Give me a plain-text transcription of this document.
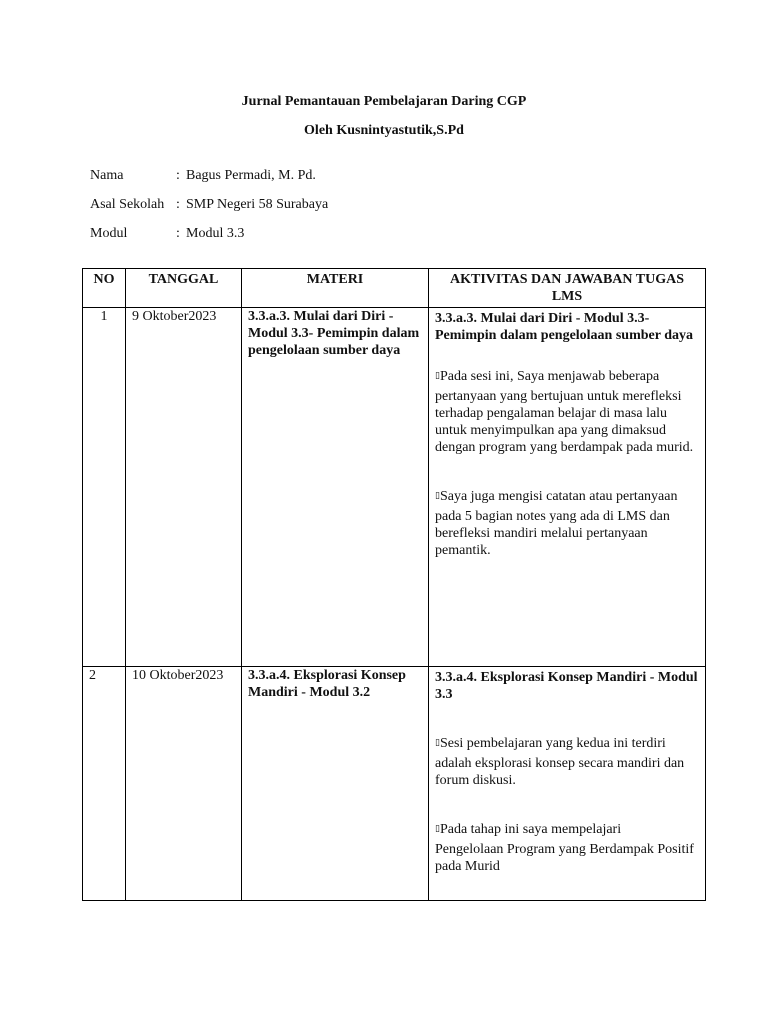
Jurnal Pemantauan Pembelajaran Daring CGP
Oleh Kusnintyastutik,S.Pd
Nama	: Bagus Permadi, M. Pd.
Asal Sekolah : SMP Negeri 58 Surabaya
Modul	: Modul 3.3
NO	TANGGAL	MATERI	AKTIVITAS DAN JAWABAN TUGAS LMS
1	9 Oktober2023	3.3.a.3. Mulai dari Diri - Modul 3.3- Pemimpin dalam pengelolaan sumber daya	3.3.a.3. Mulai dari Diri - Modul 3.3- Pemimpin dalam pengelolaan sumber daya
▯Pada sesi ini, Saya menjawab beberapa
pertanyaan yang bertujuan untuk merefleksi terhadap pengalaman belajar di masa lalu untuk menyimpulkan apa yang dimaksud dengan program yang berdampak pada murid.
▯Saya juga mengisi catatan atau pertanyaan
pada 5 bagian notes yang ada di LMS dan berefleksi mandiri melalui pertanyaan pemantik.

2	10 Oktober2023	3.3.a.4. Eksplorasi Konsep Mandiri - Modul 3.2	3.3.a.4. Eksplorasi Konsep Mandiri - Modul 3.3
▯Sesi pembelajaran yang kedua ini terdiri
adalah eksplorasi konsep secara mandiri dan forum diskusi.
▯Pada tahap ini saya mempelajari
Pengelolaan Program yang Berdampak Positif pada Murid
